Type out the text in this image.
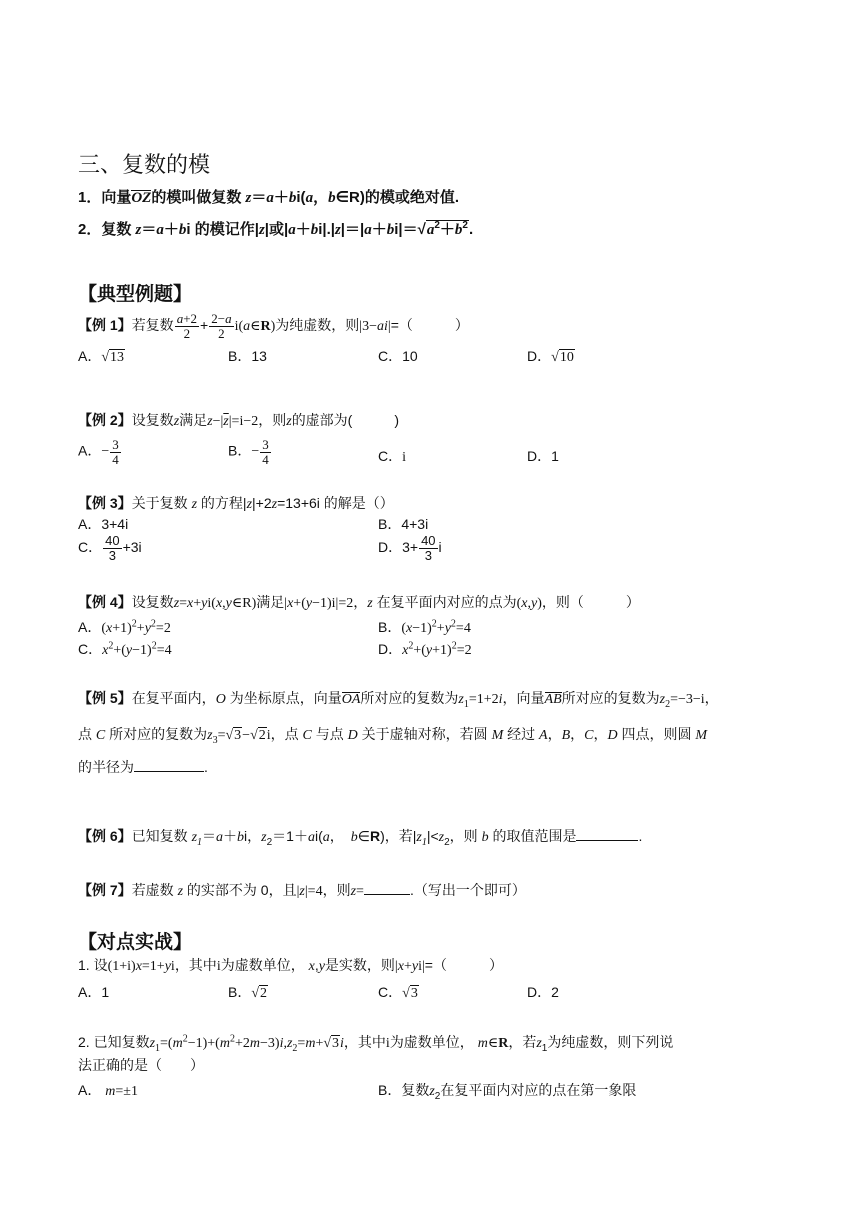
三、复数的模
1．向量OZ的模叫做复数 z＝a＋bi(a，b∈R)的模或绝对值.
2．复数 z＝a＋bi 的模记作|z|或$|a+bi|.|z|=|a+bi|=√a^2+b^2$.
【典型例题】
【例 1】若复数 $\frac{a+2}{2} + \frac{2-a}{2}$ i(a∈R)为纯虚数，则|3−ai|=（　　　）
A．√13	B．13	C．10	D．√10
【例 2】设复数z满足$z-|\overline{z}|=i-2$，则z的虚部为(　　　)
A．− $\frac{3}{4}$	B．− $\frac{3}{4}$	C．i	D．1
【例 3】关于复数 z 的方程|z|+2z=13+6i 的解是（）
A．3+4i	B．4+3i
C． $\frac{40}{3} +3i$	D．$3+ \frac{40}{3}$ i
【例 4】设复数z=x+yi(x,y∈R)满足|x+(y−1)i|=2，z 在复平面内对应的点为(x,y)，则（　　　）
A．$(x+1)^2+y^2=2$	B．$(x-1)^2+y^2=4$
C．$x^2+(y-1)^2=4$	D．$x^2+(y+1)^2=2$
【例 5】在复平面内，O 为坐标原点，向量OA所对应的复数为$z_1=1+2i$，向量AB所对应的复数为$z_2=-3-i$，
点 C 所对应的复数为$z_3=√3-√2i$，点 C 与点 D 关于虚轴对称，若圆 M 经过 A，B，C，D 四点，则圆 M
的半径为	.
【例 6】已知复数 $z_1=a+bi$，$z_2=1+ai(a$，　b∈R)，若$|z_1|<z_2$，则 b 的取值范围是	.
【例 7】若虚数 z 的实部不为 0，且|z|=4，则z=	.（写出一个即可）
【对点实战】
1. 设(1+i)x=1+yi，其中i为虚数单位， x,y是实数，则|x+yi|=（　　　）
A．1	B．√2	C．√3	D．2
2. 已知复数$z_1=(m^2-1)+(m^2+2m-3)i,z_2=m+√3i$，其中i为虚数单位， m∈R，若$z_1$为纯虚数，则下列说
法正确的是（　　）
A． m=±1	B．复数$z_2$在复平面内对应的点在第一象限
